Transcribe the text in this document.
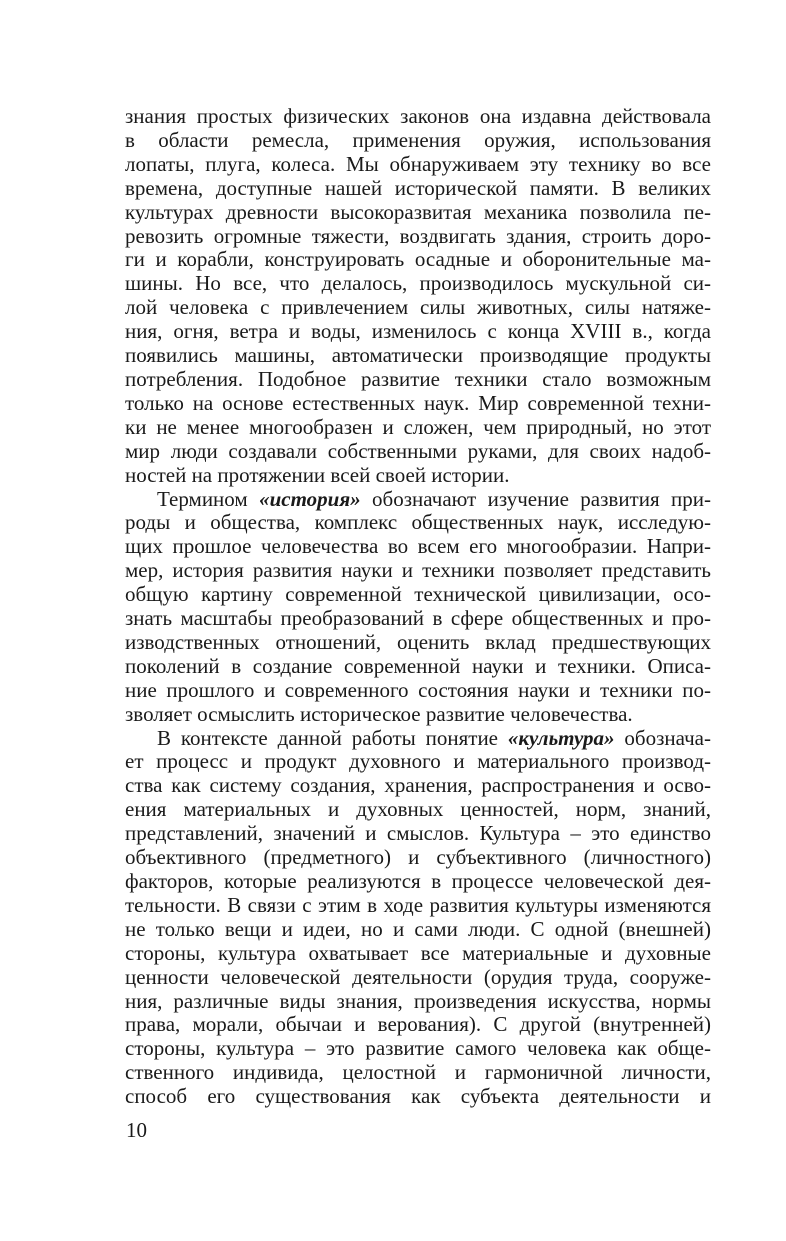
знания простых физических законов она издавна действовала
в области ремесла, применения оружия, использования
лопаты, плуга, колеса. Мы обнаруживаем эту технику во все
времена, доступные нашей исторической памяти. В великих
культурах древности высокоразвитая механика позволила пе-
ревозить огромные тяжести, воздвигать здания, строить доро-
ги и корабли, конструировать осадные и оборонительные ма-
шины. Но все, что делалось, производилось мускульной си-
лой человека с привлечением силы животных, силы натяже-
ния, огня, ветра и воды, изменилось с конца XVIII в., когда
появились машины, автоматически производящие продукты
потребления. Подобное развитие техники стало возможным
только на основе естественных наук. Мир современной техни-
ки не менее многообразен и сложен, чем природный, но этот
мир люди создавали собственными руками, для своих надоб-
ностей на протяжении всей своей истории.
Термином «история» обозначают изучение развития при-
роды и общества, комплекс общественных наук, исследую-
щих прошлое человечества во всем его многообразии. Напри-
мер, история развития науки и техники позволяет представить
общую картину современной технической цивилизации, осо-
знать масштабы преобразований в сфере общественных и про-
изводственных отношений, оценить вклад предшествующих
поколений в создание современной науки и техники. Описа-
ние прошлого и современного состояния науки и техники по-
зволяет осмыслить историческое развитие человечества.
В контексте данной работы понятие «культура» обознача-
ет процесс и продукт духовного и материального производ-
ства как систему создания, хранения, распространения и осво-
ения материальных и духовных ценностей, норм, знаний,
представлений, значений и смыслов. Культура – это единство
объективного (предметного) и субъективного (личностного)
факторов, которые реализуются в процессе человеческой дея-
тельности. В связи с этим в ходе развития культуры изменяются
не только вещи и идеи, но и сами люди. С одной (внешней)
стороны, культура охватывает все материальные и духовные
ценности человеческой деятельности (орудия труда, сооруже-
ния, различные виды знания, произведения искусства, нормы
права, морали, обычаи и верования). С другой (внутренней)
стороны, культура – это развитие самого человека как обще-
ственного индивида, целостной и гармоничной личности,
способ его существования как субъекта деятельности и
10
